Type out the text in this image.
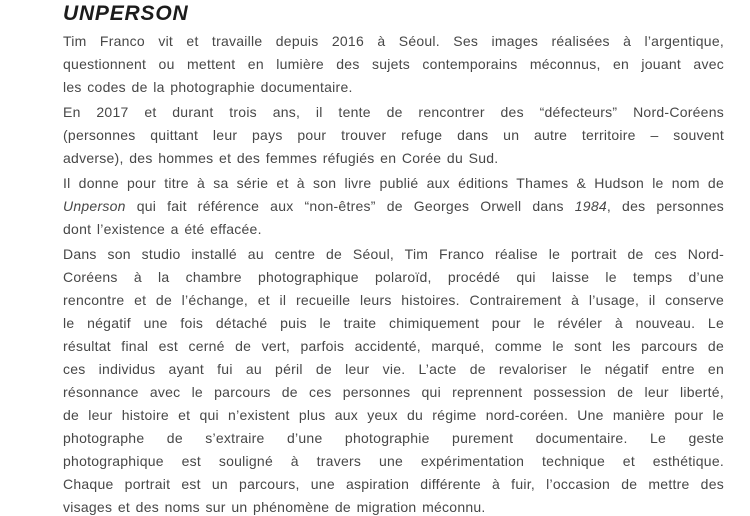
UNPERSON
Tim Franco vit et travaille depuis 2016 à Séoul. Ses images réalisées à l’argentique,
questionnent ou mettent en lumière des sujets contemporains méconnus, en jouant avec
les codes de la photographie documentaire.
En 2017 et durant trois ans, il tente de rencontrer des “défecteurs” Nord-Coréens
(personnes quittant leur pays pour trouver refuge dans un autre territoire – souvent
adverse), des hommes et des femmes réfugiés en Corée du Sud.
Il donne pour titre à sa série et à son livre publié aux éditions Thames & Hudson le nom de
Unperson qui fait référence aux “non-êtres” de Georges Orwell dans 1984, des personnes
dont l’existence a été effacée.
Dans son studio installé au centre de Séoul, Tim Franco réalise le portrait de ces Nord-
Coréens à la chambre photographique polaroïd, procédé qui laisse le temps d’une
rencontre et de l’échange, et il recueille leurs histoires. Contrairement à l’usage, il conserve
le négatif une fois détaché puis le traite chimiquement pour le révéler à nouveau. Le
résultat final est cerné de vert, parfois accidenté, marqué, comme le sont les parcours de
ces individus ayant fui au péril de leur vie. L’acte de revaloriser le négatif entre en
résonnance avec le parcours de ces personnes qui reprennent possession de leur liberté,
de leur histoire et qui n’existent plus aux yeux du régime nord-coréen. Une manière pour le
photographe de s’extraire d’une photographie purement documentaire. Le geste
photographique est souligné à travers une expérimentation technique et esthétique.
Chaque portrait est un parcours, une aspiration différente à fuir, l’occasion de mettre des
visages et des noms sur un phénomène de migration méconnu.
